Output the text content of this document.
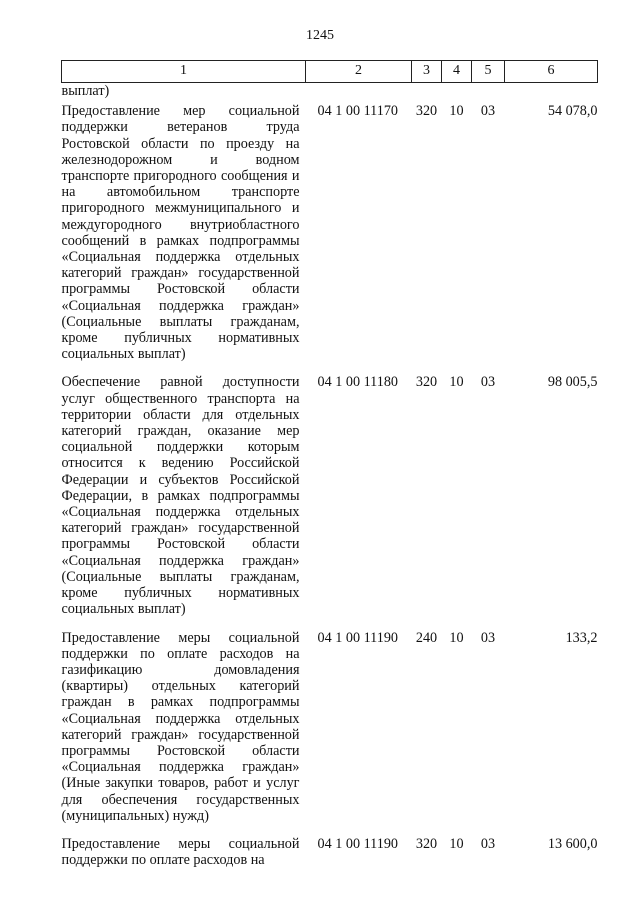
1245
1	2	3	4	5	6
выплат)					
Предоставление мер социальной поддержки ветеранов труда Ростовской области по проезду на железнодорожном и водном транспорте пригородного сообщения и на автомобильном транспорте пригородного межмуниципального и междугородного внутриобластного сообщений в рамках подпрограммы «Социальная поддержка отдельных категорий граждан» государственной программы Ростовской области «Социальная поддержка граждан» (Социальные выплаты гражданам, кроме публичных нормативных социальных выплат)	04 1 00 11170	320	10	03	54 078,0
Обеспечение равной доступности услуг общественного транспорта на территории области для отдельных категорий граждан, оказание мер социальной поддержки которым относится к ведению Российской Федерации и субъектов Российской Федерации, в рамках подпрограммы «Социальная поддержка отдельных категорий граждан» государственной программы Ростовской области «Социальная поддержка граждан» (Социальные выплаты гражданам, кроме публичных нормативных социальных выплат)	04 1 00 11180	320	10	03	98 005,5
Предоставление меры социальной поддержки по оплате расходов на газификацию домовладения (квартиры) отдельных категорий граждан в рамках подпрограммы «Социальная поддержка отдельных категорий граждан» государственной программы Ростовской области «Социальная поддержка граждан» (Иные закупки товаров, работ и услуг для обеспечения государственных (муниципальных) нужд)	04 1 00 11190	240	10	03	133,2
Предоставление меры социальной поддержки по оплате расходов на	04 1 00 11190	320	10	03	13 600,0
